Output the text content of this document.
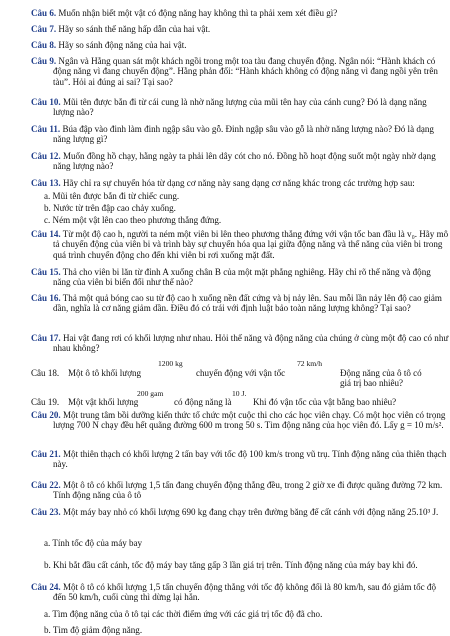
Câu 6. Muốn nhận biết một vật có động năng hay không thì ta phải xem xét điều gì?
Câu 7. Hãy so sánh thế năng hấp dẫn của hai vật.
Câu 8. Hãy so sánh động năng của hai vật.
Câu 9. Ngân và Hằng quan sát một khách ngồi trong một toa tàu đang chuyển động. Ngân nói: “Hành khách có động năng vì đang chuyển động”. Hằng phản đối: “Hành khách không có động năng vì đang ngồi yên trên tàu”. Hỏi ai đúng ai sai? Tại sao?
Câu 10. Mũi tên được bắn đi từ cái cung là nhờ năng lượng của mũi tên hay của cánh cung? Đó là dạng năng lượng nào?
Câu 11. Búa đập vào đinh làm đinh ngập sâu vào gỗ. Đinh ngập sâu vào gỗ là nhờ năng lượng nào? Đó là dạng năng lượng gì?
Câu 12. Muốn đồng hồ chạy, hằng ngày ta phải lên dây cót cho nó. Đồng hồ hoạt động suốt một ngày nhờ dạng năng lượng nào?
Câu 13. Hãy chỉ ra sự chuyển hóa từ dạng cơ năng này sang dạng cơ năng khác trong các trường hợp sau:
a. Mũi tên được bắn đi từ chiếc cung.
b. Nước từ trên đập cao chảy xuống.
c. Ném một vật lên cao theo phương thẳng đứng.
Câu 14. Từ một độ cao h, người ta ném một viên bi lên theo phương thẳng đứng với vận tốc ban đầu là v₀. Hãy mô tả chuyển động của viên bi và trình bày sự chuyển hóa qua lại giữa động năng và thế năng của viên bi trong quá trình chuyển động cho đến khi viên bi rơi xuống mặt đất.
Câu 15. Thả cho viên bi lăn từ đỉnh A xuống chân B của một mặt phẳng nghiêng. Hãy chỉ rõ thế năng và động năng của viên bi biến đổi như thế nào?
Câu 16. Thả một quả bóng cao su từ độ cao h xuống nền đất cứng và bị nảy lên. Sau mỗi lần nảy lên độ cao giảm dần, nghĩa là cơ năng giảm dần. Điều đó có trái với định luật bảo toàn năng lượng không? Tại sao?
Câu 17. Hai vật đang rơi có khối lượng như nhau. Hỏi thế năng và động năng của chúng ở cùng một độ cao có như nhau không?
Câu 18. Một ô tô khối lượng
1200 kg
chuyển động với vận tốc
72 km/h
Động năng của ô tô có giá trị bao nhiêu?
Câu 19. Một vật khối lượng
200 gam
có động năng là
10 J.
Khi đó vận tốc của vật bằng bao nhiêu?
Câu 20. Một trung tâm bồi dưỡng kiến thức tổ chức một cuộc thi cho các học viên chạy. Có một học viên có trọng lượng 700 N chạy đều hết quãng đường 600 m trong 50 s. Tìm động năng của học viên đó. Lấy g = 10 m/s².
Câu 21. Một thiên thạch có khối lượng 2 tấn bay với tốc độ 100 km/s trong vũ trụ. Tính động năng của thiên thạch này.
Câu 22. Một ô tô có khối lượng 1,5 tấn đang chuyển động thẳng đều, trong 2 giờ xe đi được quãng đường 72 km. Tính động năng của ô tô
Câu 23. Một máy bay nhỏ có khối lượng 690 kg đang chạy trên đường băng để cất cánh với động năng 25.10³ J.
a. Tính tốc độ của máy bay
b. Khi bắt đầu cất cánh, tốc độ máy bay tăng gấp 3 lần giá trị trên. Tính động năng của máy bay khi đó.
Câu 24. Một ô tô có khối lượng 1,5 tấn chuyển động thẳng với tốc độ không đổi là 80 km/h, sau đó giảm tốc độ đến 50 km/h, cuối cùng thì dừng lại hẳn.
a. Tìm động năng của ô tô tại các thời điểm ứng với các giá trị tốc độ đã cho.
b. Tìm độ giảm động năng.
